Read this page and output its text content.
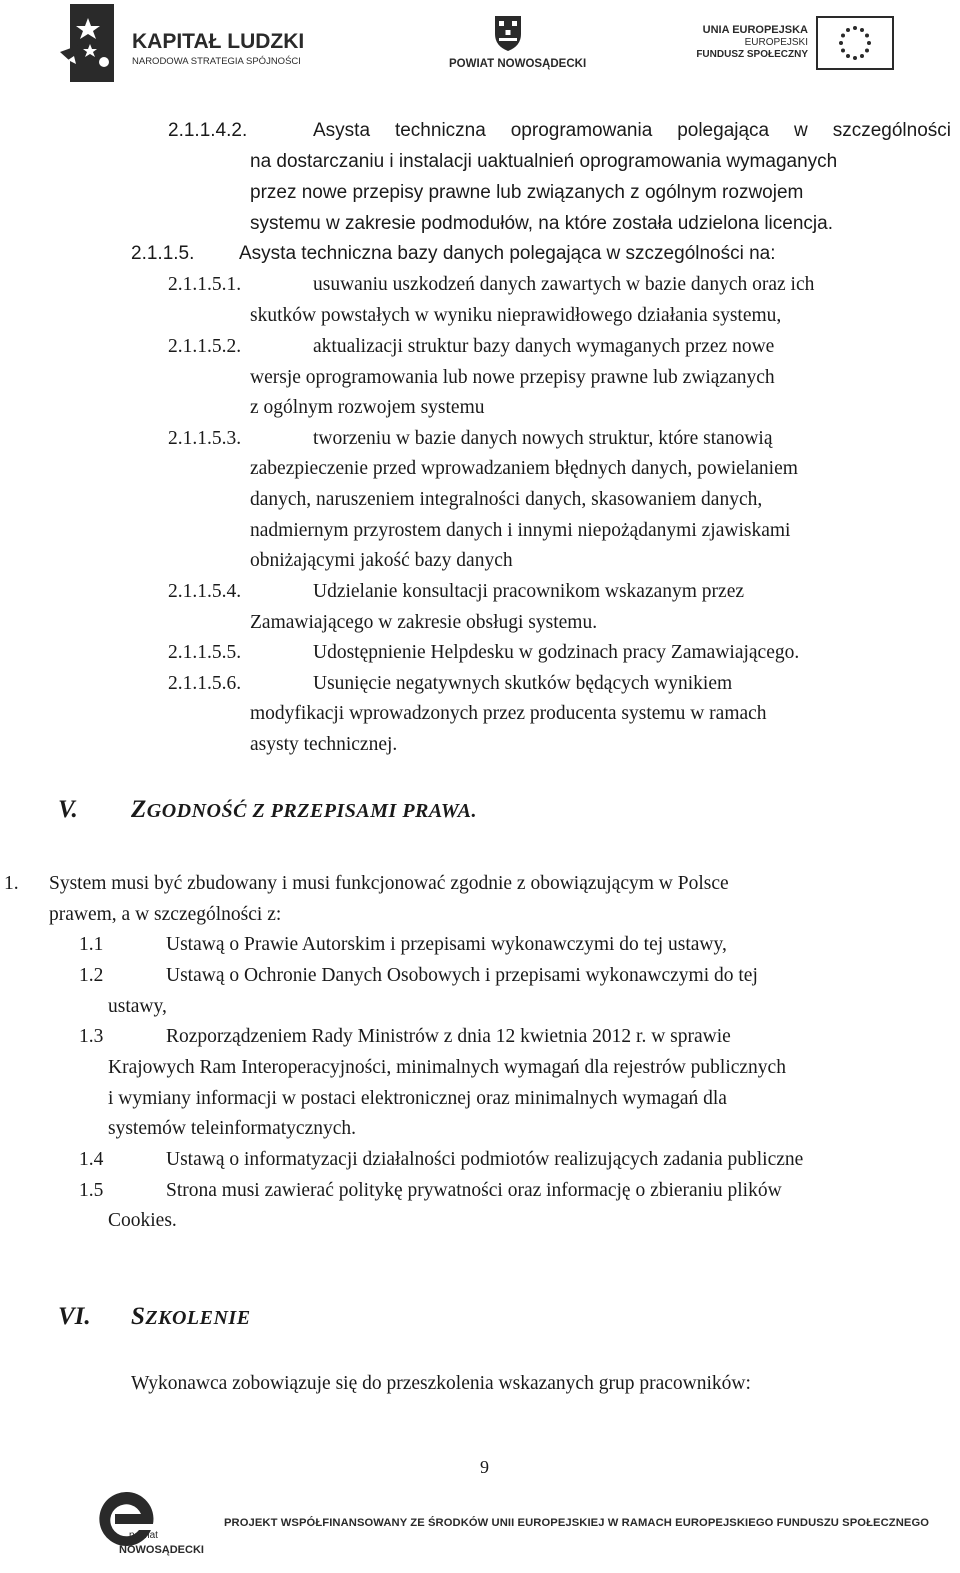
KAPITAŁ LUDZKI
NARODOWA STRATEGIA SPÓJNOŚCI	POWIAT NOWOSĄDECKI
UNIA EUROPEJSKA
EUROPEJSKI
FUNDUSZ SPOŁECZNY
2.1.1.4.2.	Asysta techniczna oprogramowania polegająca w szczególności
na dostarczaniu i instalacji uaktualnień oprogramowania wymaganych
przez nowe przepisy prawne lub związanych z ogólnym rozwojem
systemu w zakresie podmodułów, na które została udzielona licencja.
2.1.1.5. Asysta techniczna bazy danych polegająca w szczególności na:
2.1.1.5.1.	usuwaniu uszkodzeń danych zawartych w bazie danych oraz ich
skutków powstałych w wyniku nieprawidłowego działania systemu,
2.1.1.5.2.	aktualizacji struktur bazy danych wymaganych przez nowe
wersje oprogramowania lub nowe przepisy prawne lub związanych
z ogólnym rozwojem systemu
2.1.1.5.3.	tworzeniu w bazie danych nowych struktur, które stanowią
zabezpieczenie przed wprowadzaniem błędnych danych, powielaniem
danych, naruszeniem integralności danych, skasowaniem danych,
nadmiernym przyrostem danych i innymi niepożądanymi zjawiskami
obniżającymi jakość bazy danych
2.1.1.5.4.	Udzielanie konsultacji pracownikom wskazanym przez
Zamawiającego w zakresie obsługi systemu.
2.1.1.5.5.	Udostępnienie Helpdesku w godzinach pracy Zamawiającego.
2.1.1.5.6.	Usunięcie negatywnych skutków będących wynikiem
modyfikacji wprowadzonych przez producenta systemu w ramach
asysty technicznej.
V. ZGODNOŚĆ Z PRZEPISAMI PRAWA.
1. System musi być zbudowany i musi funkcjonować zgodnie z obowiązującym w Polsce
prawem, a w szczególności z:
1.1	Ustawą o Prawie Autorskim i przepisami wykonawczymi do tej ustawy,
1.2	Ustawą o Ochronie Danych Osobowych i przepisami wykonawczymi do tej
ustawy,
1.3	Rozporządzeniem Rady Ministrów z dnia 12 kwietnia 2012 r. w sprawie
Krajowych Ram Interoperacyjności, minimalnych wymagań dla rejestrów publicznych
i wymiany informacji w postaci elektronicznej oraz minimalnych wymagań dla
systemów teleinformatycznych.
1.4	Ustawą o informatyzacji działalności podmiotów realizujących zadania publiczne
1.5	Strona musi zawierać politykę prywatności oraz informację o zbieraniu plików
Cookies.
VI. SZKOLENIE
Wykonawca zobowiązuje się do przeszkolenia wskazanych grup pracowników:
9
powiat
NOWOSĄDECKI
PROJEKT WSPÓŁFINANSOWANY ZE ŚRODKÓW UNII EUROPEJSKIEJ W RAMACH EUROPEJSKIEGO FUNDUSZU SPOŁECZNEGO
